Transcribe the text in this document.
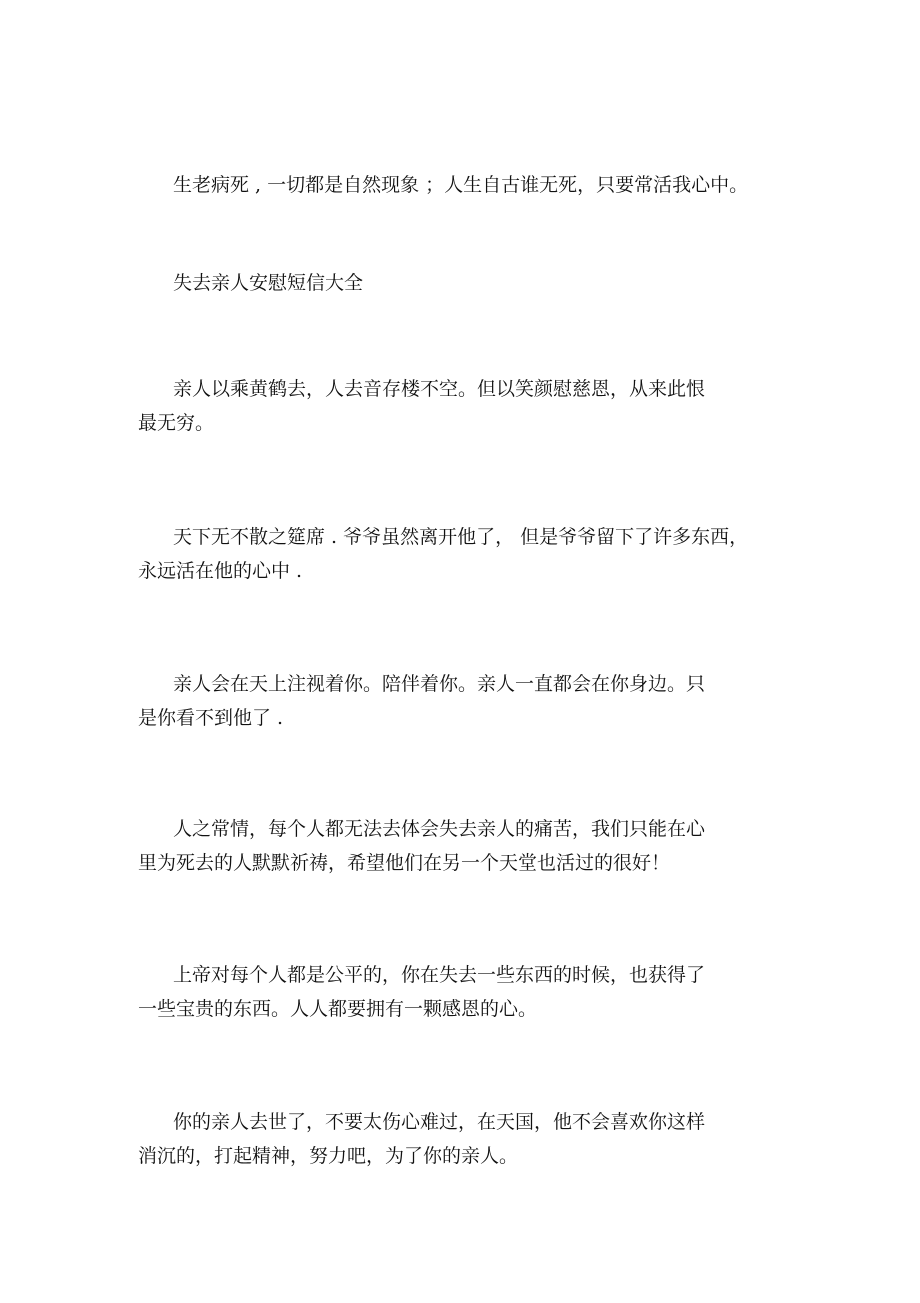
生老病死 , 一切都是自然现象 ；人生自古谁无死，只要常活我心中。

失去亲人安慰短信大全

亲人以乘黄鹤去，人去音存楼不空。但以笑颜慰慈恩，从来此恨
最无穷。

天下无不散之筵席 . 爷爷虽然离开他了， 但是爷爷留下了许多东西，
永远活在他的心中 .

亲人会在天上注视着你。陪伴着你。亲人一直都会在你身边。只
是你看不到他了 .

人之常情，每个人都无法去体会失去亲人的痛苦，我们只能在心
里为死去的人默默祈祷，希望他们在另一个天堂也活过的很好！

上帝对每个人都是公平的，你在失去一些东西的时候，也获得了
一些宝贵的东西。人人都要拥有一颗感恩的心。

你的亲人去世了，不要太伤心难过，在天国，他不会喜欢你这样
消沉的，打起精神，努力吧，为了你的亲人。
